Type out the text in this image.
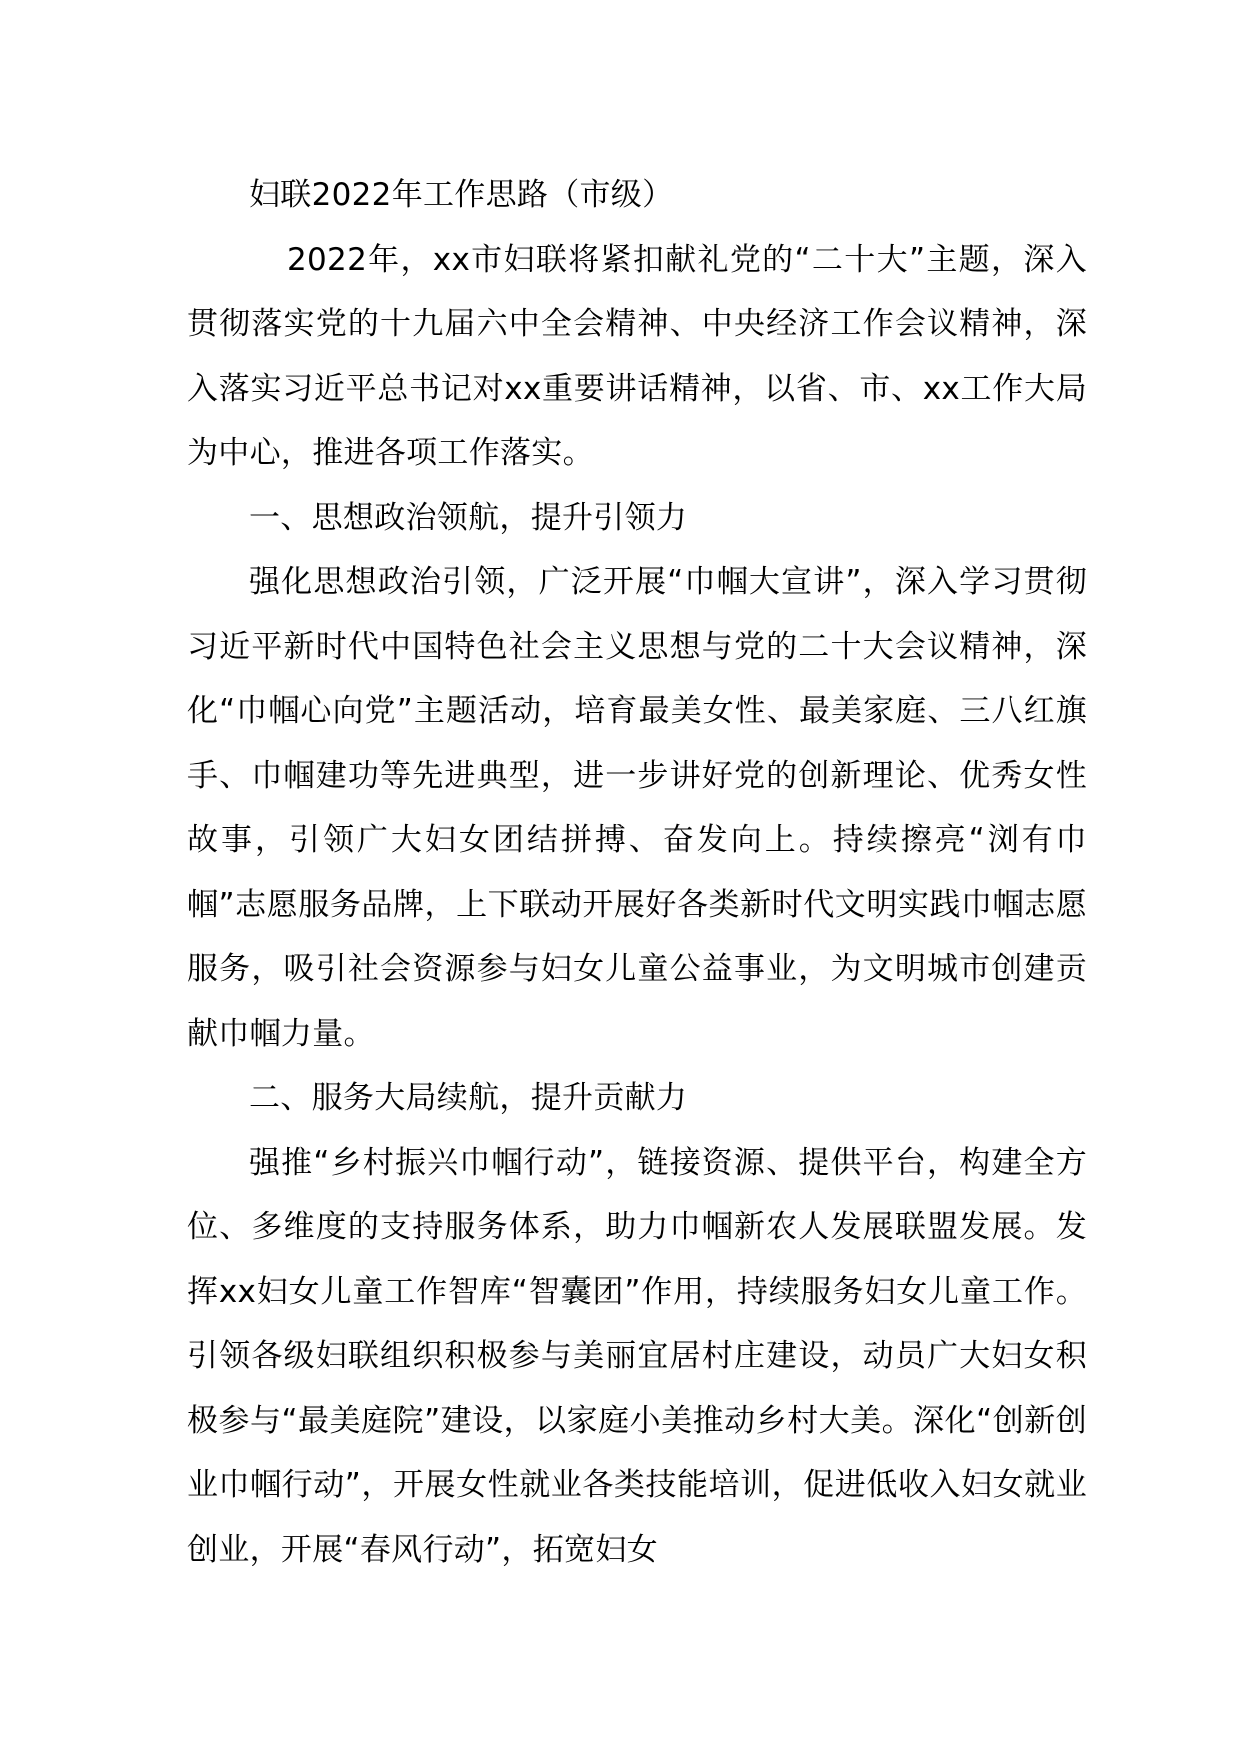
妇联2022年工作思路（市级）

2022年，xx市妇联将紧扣献礼党的“二十大”主题，深入贯彻落实党的十九届六中全会精神、中央经济工作会议精神，深入落实习近平总书记对xx重要讲话精神，以省、市、xx工作大局为中心，推进各项工作落实。

一、思想政治领航，提升引领力

强化思想政治引领，广泛开展“巾帼大宣讲”，深入学习贯彻习近平新时代中国特色社会主义思想与党的二十大会议精神，深化“巾帼心向党”主题活动，培育最美女性、最美家庭、三八红旗手、巾帼建功等先进典型，进一步讲好党的创新理论、优秀女性故事，引领广大妇女团结拼搏、奋发向上。持续擦亮“浏有巾帼”志愿服务品牌，上下联动开展好各类新时代文明实践巾帼志愿服务，吸引社会资源参与妇女儿童公益事业，为文明城市创建贡献巾帼力量。

二、服务大局续航，提升贡献力

强推“乡村振兴巾帼行动”，链接资源、提供平台，构建全方位、多维度的支持服务体系，助力巾帼新农人发展联盟发展。发挥xx妇女儿童工作智库“智囊团”作用，持续服务妇女儿童工作。引领各级妇联组织积极参与美丽宜居村庄建设，动员广大妇女积极参与“最美庭院”建设，以家庭小美推动乡村大美。深化“创新创业巾帼行动”，开展女性就业各类技能培训，促进低收入妇女就业创业，开展“春风行动”，拓宽妇女
